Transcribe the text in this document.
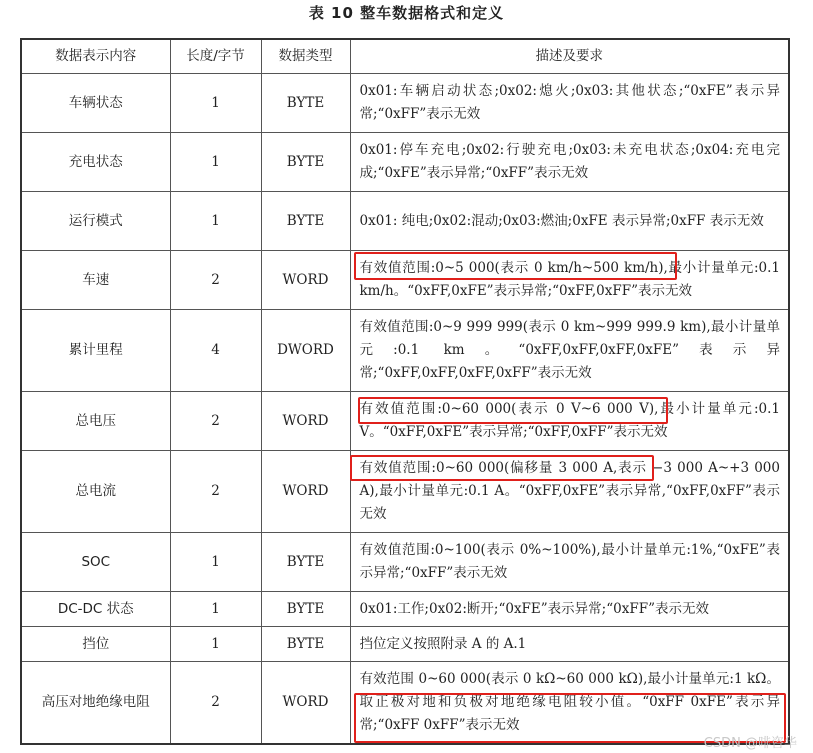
表 10 整车数据格式和定义
数据表示内容	长度/字节	数据类型	描述及要求
车辆状态	1	BYTE	0x01:车辆启动状态;0x02:熄火;0x03:其他状态;“0xFE”表示异常;“0xFF”表示无效
充电状态	1	BYTE	0x01:停车充电;0x02:行驶充电;0x03:未充电状态;0x04:充电完成;“0xFE”表示异常;“0xFF”表示无效
运行模式	1	BYTE	0x01: 纯电;0x02:混动;0x03:燃油;0xFE 表示异常;0xFF 表示无效
车速	2	WORD	有效值范围:0~5 000(表示 0 km/h~500 km/h),最小计量单元:0.1 km/h。“0xFF,0xFE”表示异常;“0xFF,0xFF”表示无效
累计里程	4	DWORD	有效值范围:0~9 999 999(表示 0 km~999 999.9 km),最小计量单元:0.1 km。“0xFF,0xFF,0xFF,0xFE”表示异常;“0xFF,0xFF,0xFF,0xFF”表示无效
总电压	2	WORD	有效值范围:0~60 000(表示 0 V~6 000 V),最小计量单元:0.1 V。“0xFF,0xFE”表示异常;“0xFF,0xFF”表示无效
总电流	2	WORD	有效值范围:0~60 000(偏移量 3 000 A,表示 −3 000 A~+3 000 A),最小计量单元:0.1 A。“0xFF,0xFE”表示异常,“0xFF,0xFF”表示无效
SOC	1	BYTE	有效值范围:0~100(表示 0%~100%),最小计量单元:1%,“0xFE”表示异常;“0xFF”表示无效
DC-DC 状态	1	BYTE	0x01:工作;0x02:断开;“0xFE”表示异常;“0xFF”表示无效
挡位	1	BYTE	挡位定义按照附录 A 的 A.1
高压对地绝缘电阻	2	WORD	有效范围 0~60 000(表示 0 kΩ~60 000 kΩ),最小计量单元:1 kΩ。取正极对地和负极对地绝缘电阻较小值。“0xFF 0xFE”表示异常;“0xFF 0xFF”表示无效
CSDN @啡咨华
